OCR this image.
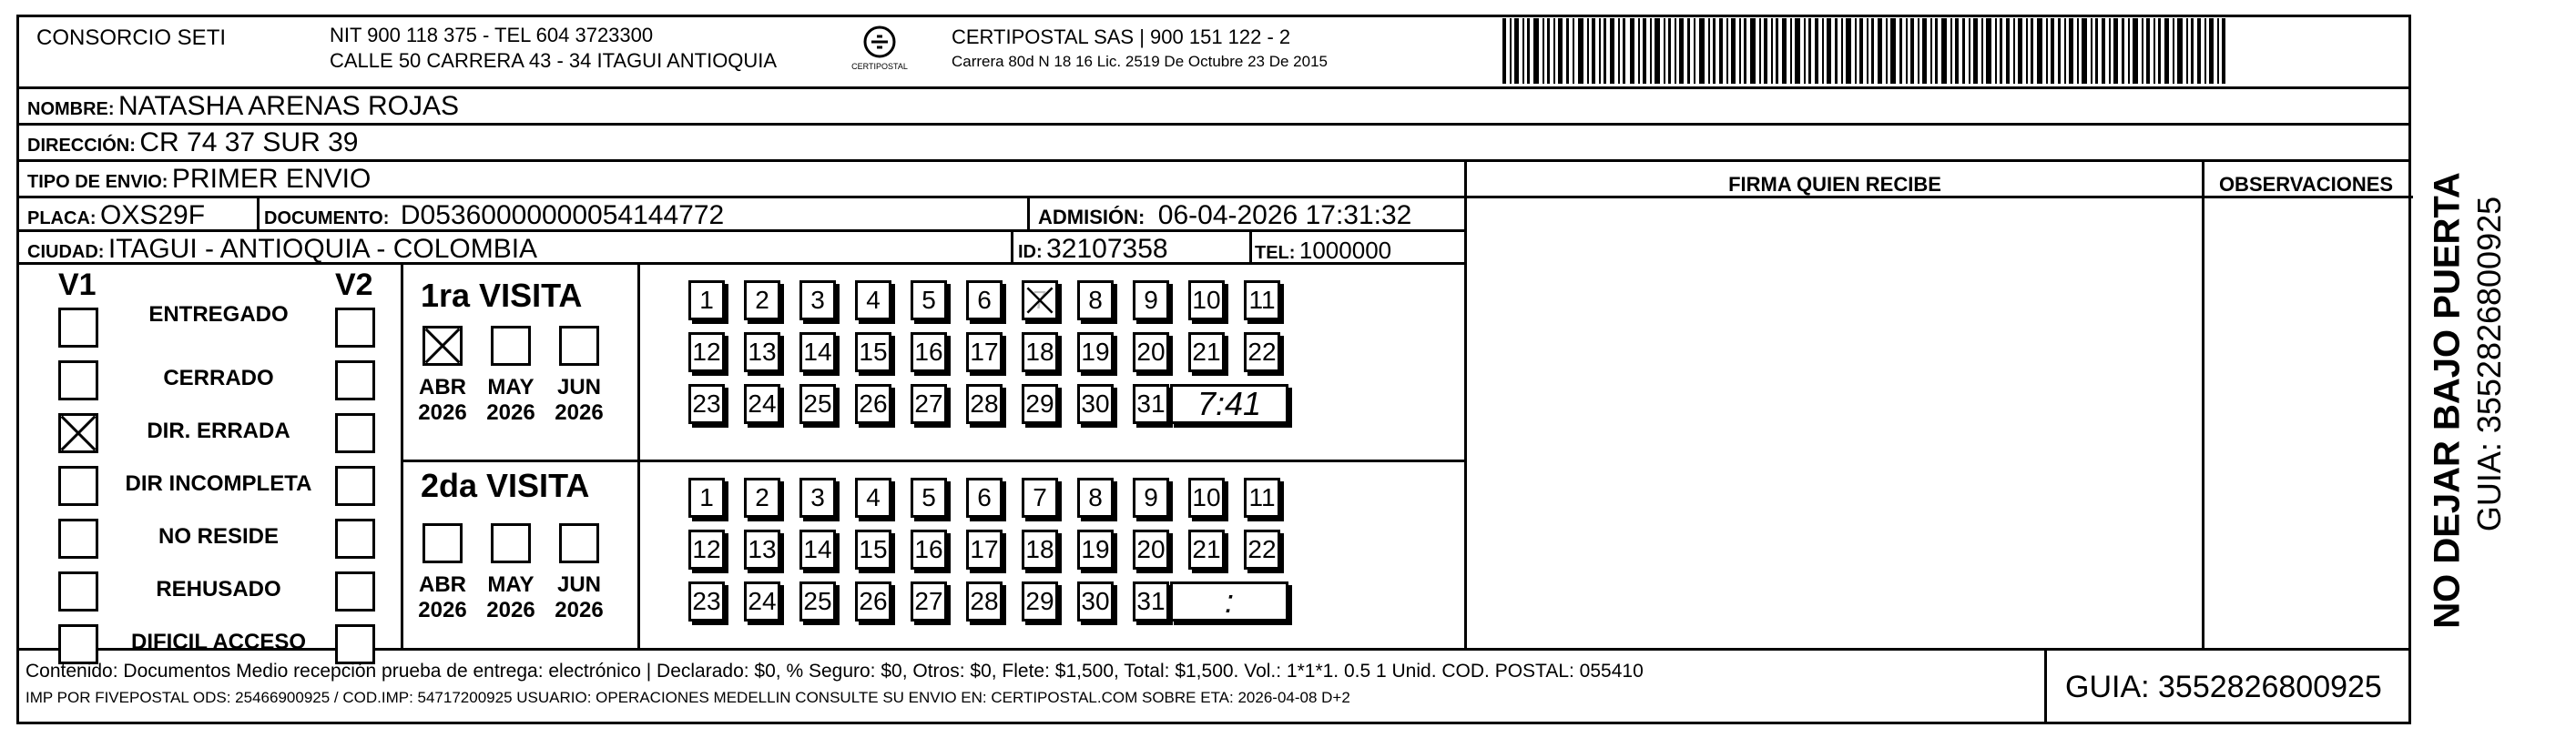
CONSORCIO SETI	NIT 900 118 375 - TEL 604 3723300
CALLE 50 CARRERA 43 - 34 ITAGUI ANTIOQUIA	CERTIPOSTAL
CERTIPOSTAL SAS | 900 151 122 - 2
Carrera 80d N 18 16 Lic. 2519 De Octubre 23 De 2015
NOMBRE: NATASHA ARENAS ROJAS
DIRECCIÓN: CR 74 37 SUR 39
TIPO DE ENVIO: PRIMER ENVIO	FIRMA QUIEN RECIBE	OBSERVACIONES
PLACA: OXS29F	DOCUMENTO: D05360000000054144772	ADMISIÓN: 06-04-2026 17:31:32
CIUDAD: ITAGUI - ANTIOQUIA - COLOMBIA	ID: 32107358	TEL: 1000000
V1	V2
ENTREGADO
CERRADO
DIR. ERRADA
DIR INCOMPLETA
NO RESIDE
REHUSADO
DIFICIL ACCESO
1ra VISITA
2da VISITA
ABR
2026
MAY
2026
JUN
2026
1	2	3	4	5	6	7	8	9	10 11
12 13 14 15 16 17 18 19 20 21 22
23 24 25 26 27 28 29 30 31 7:41
ABR
2026
MAY
2026
JUN
2026
1	2	3	4	5	6	7	8	9	10 11
12 13 14 15 16 17 18 19 20 21 22
23 24 25 26 27 28 29 30 31	:	NO DEJAR BAJO PUERTA GUIA: 3552826800925
Contenido: Documentos Medio recepción prueba de entrega: electrónico | Declarado: $0, % Seguro: $0, Otros: $0, Flete: $1,500, Total: $1,500. Vol.: 1*1*1. 0.5 1 Unid. COD. POSTAL: 055410
IMP POR FIVEPOSTAL ODS: 25466900925 / COD.IMP: 54717200925 USUARIO: OPERACIONES MEDELLIN CONSULTE SU ENVIO EN: CERTIPOSTAL.COM SOBRE ETA: 2026-04-08 D+2	GUIA: 3552826800925
